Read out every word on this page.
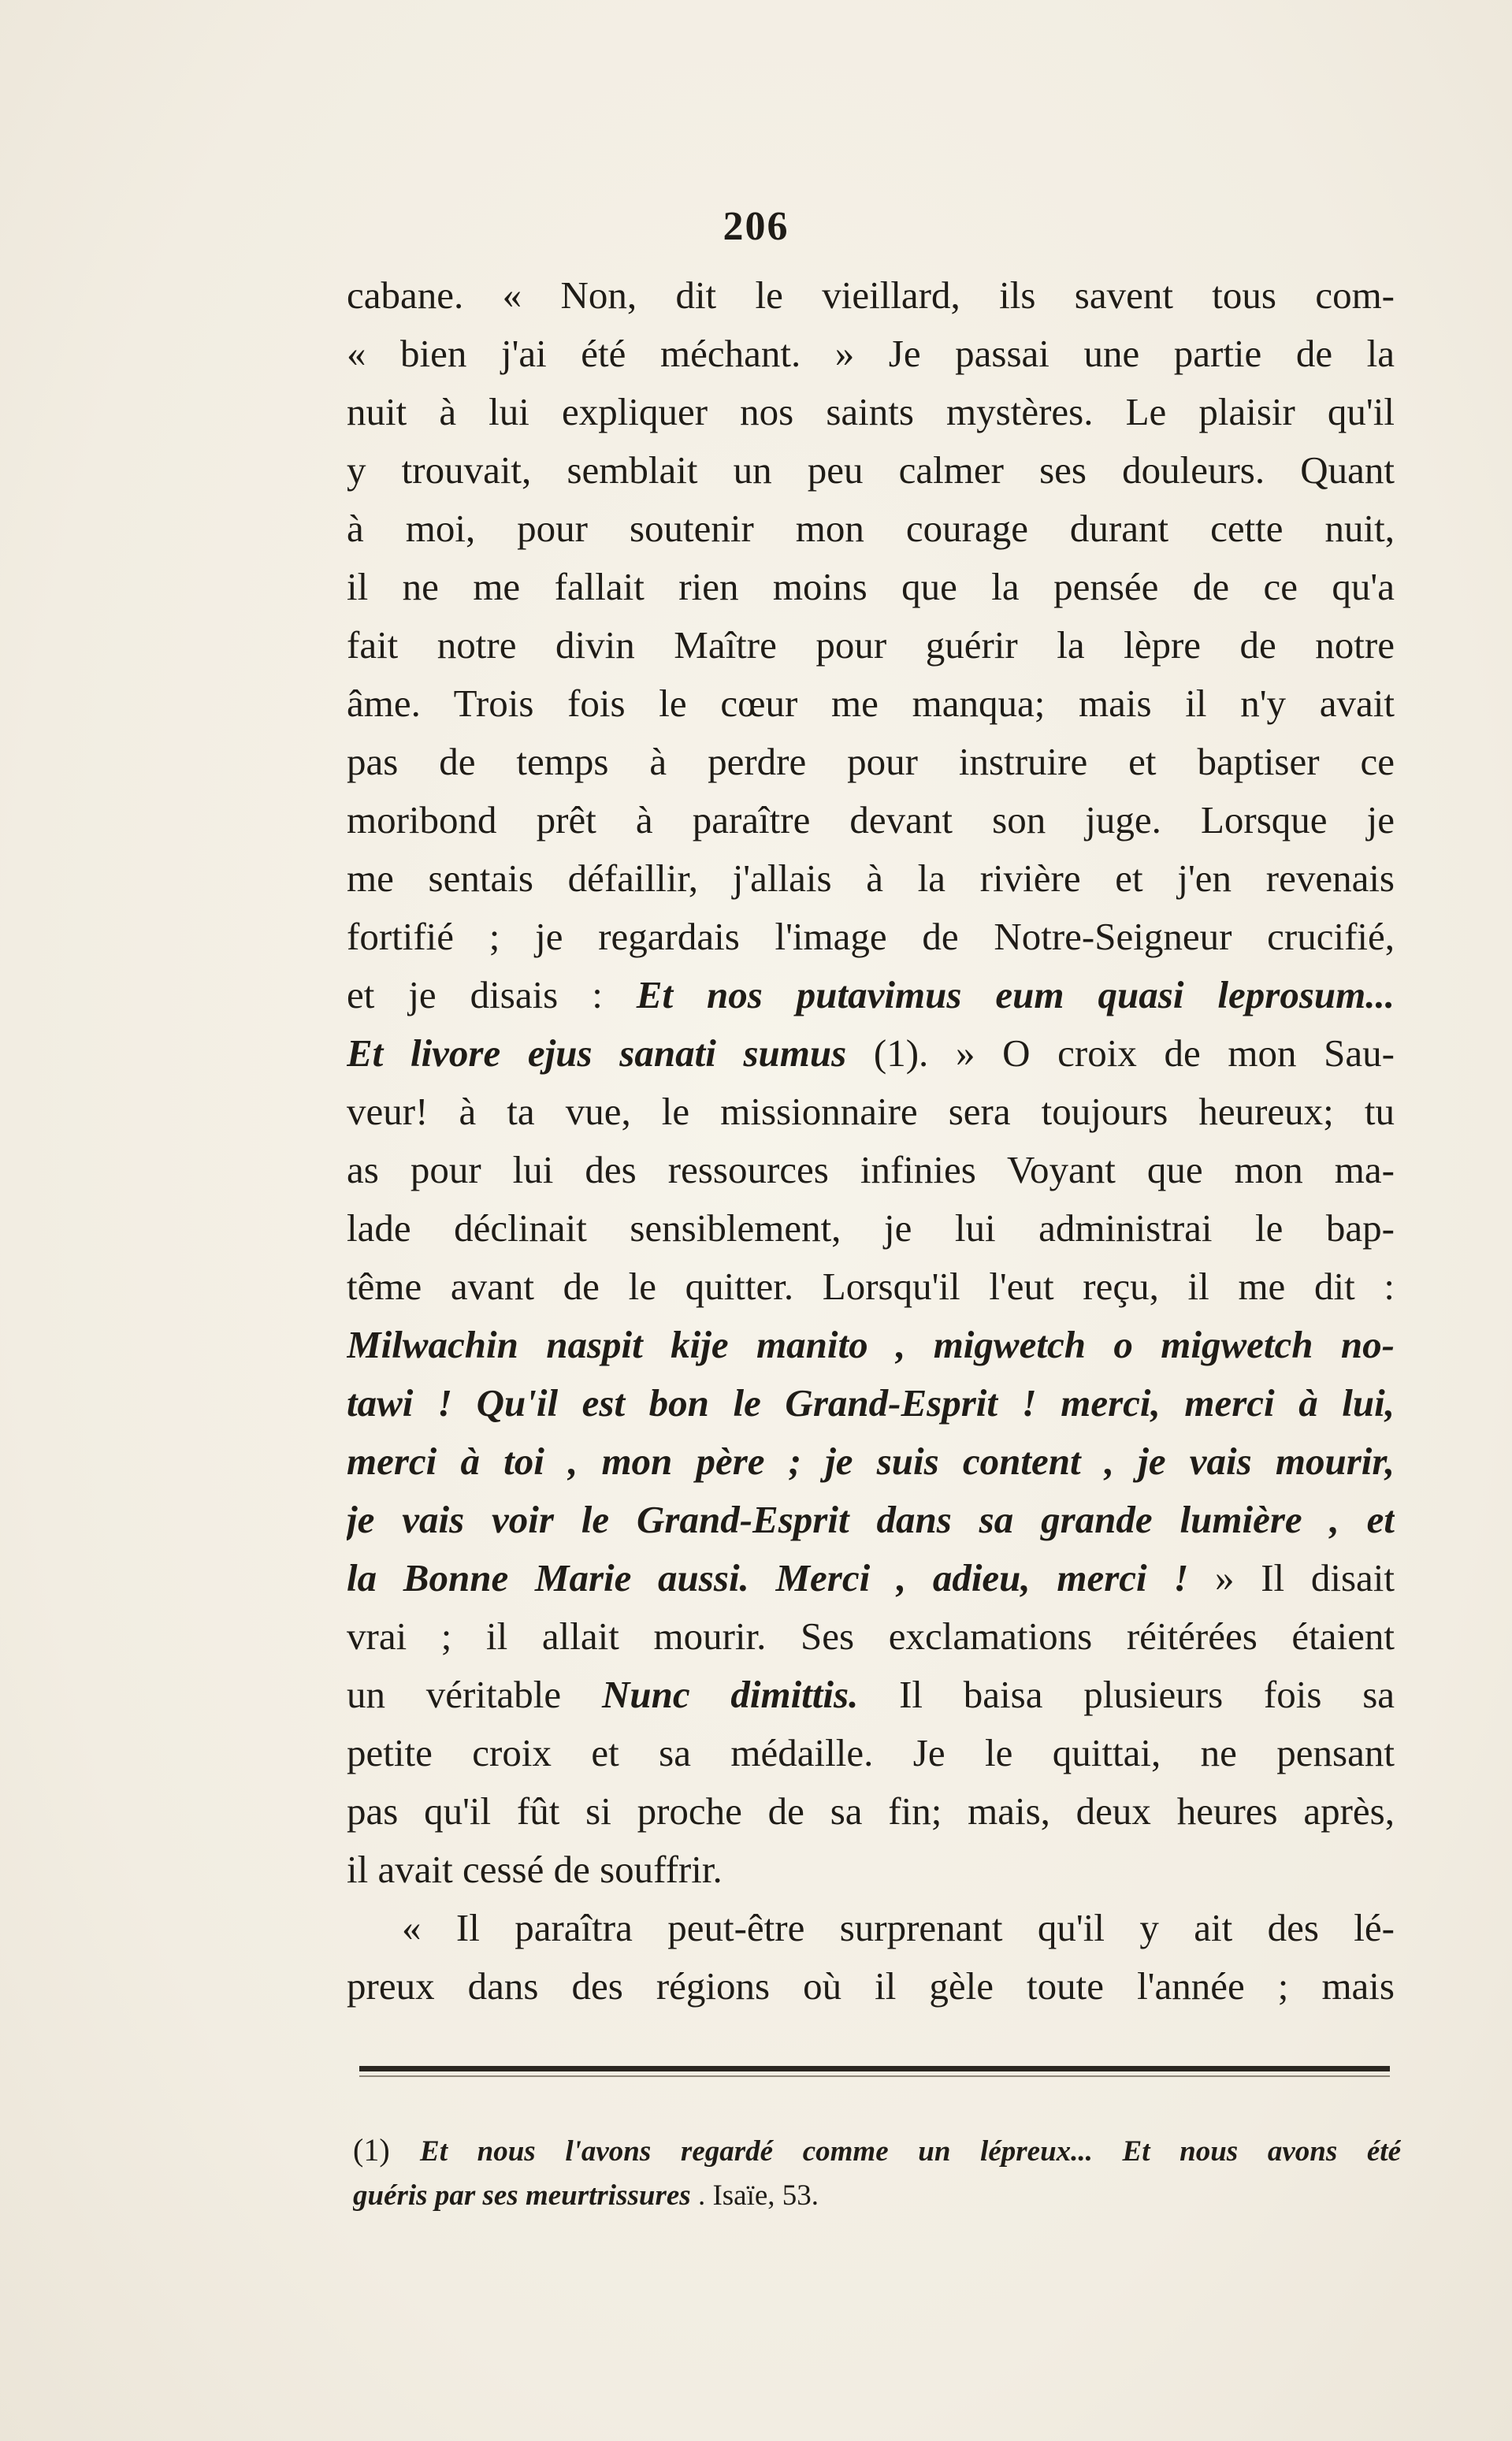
206
cabane. « Non, dit le vieillard, ils savent tous com-
« bien j'ai été méchant. » Je passai une partie de la
nuit à lui expliquer nos saints mystères. Le plaisir qu'il
y trouvait, semblait un peu calmer ses douleurs. Quant
à moi, pour soutenir mon courage durant cette nuit,
il ne me fallait rien moins que la pensée de ce qu'a
fait notre divin Maître pour guérir la lèpre de notre
âme. Trois fois le cœur me manqua; mais il n'y avait
pas de temps à perdre pour instruire et baptiser ce
moribond prêt à paraître devant son juge. Lorsque je
me sentais défaillir, j'allais à la rivière et j'en revenais
fortifié ; je regardais l'image de Notre-Seigneur crucifié,
et je disais : Et nos putavimus eum quasi leprosum...
Et livore ejus sanati sumus (1). » O croix de mon Sau-
veur! à ta vue, le missionnaire sera toujours heureux; tu
as pour lui des ressources infinies Voyant que mon ma-
lade déclinait sensiblement, je lui administrai le bap-
tême avant de le quitter. Lorsqu'il l'eut reçu, il me dit :
Milwachin naspit kije manito , migwetch o migwetch no-
tawi ! Qu'il est bon le Grand-Esprit ! merci, merci à lui,
merci à toi , mon père ; je suis content , je vais mourir,
je vais voir le Grand-Esprit dans sa grande lumière , et
la Bonne Marie aussi. Merci , adieu, merci ! » Il disait
vrai ; il allait mourir. Ses exclamations réitérées étaient
un véritable Nunc dimittis. Il baisa plusieurs fois sa
petite croix et sa médaille. Je le quittai, ne pensant
pas qu'il fût si proche de sa fin; mais, deux heures après,
il avait cessé de souffrir.
« Il paraîtra peut-être surprenant qu'il y ait des lé-
preux dans des régions où il gèle toute l'année ; mais
(1) Et nous l'avons regardé comme un lépreux... Et nous avons été
guéris par ses meurtrissures . Isaïe, 53.
